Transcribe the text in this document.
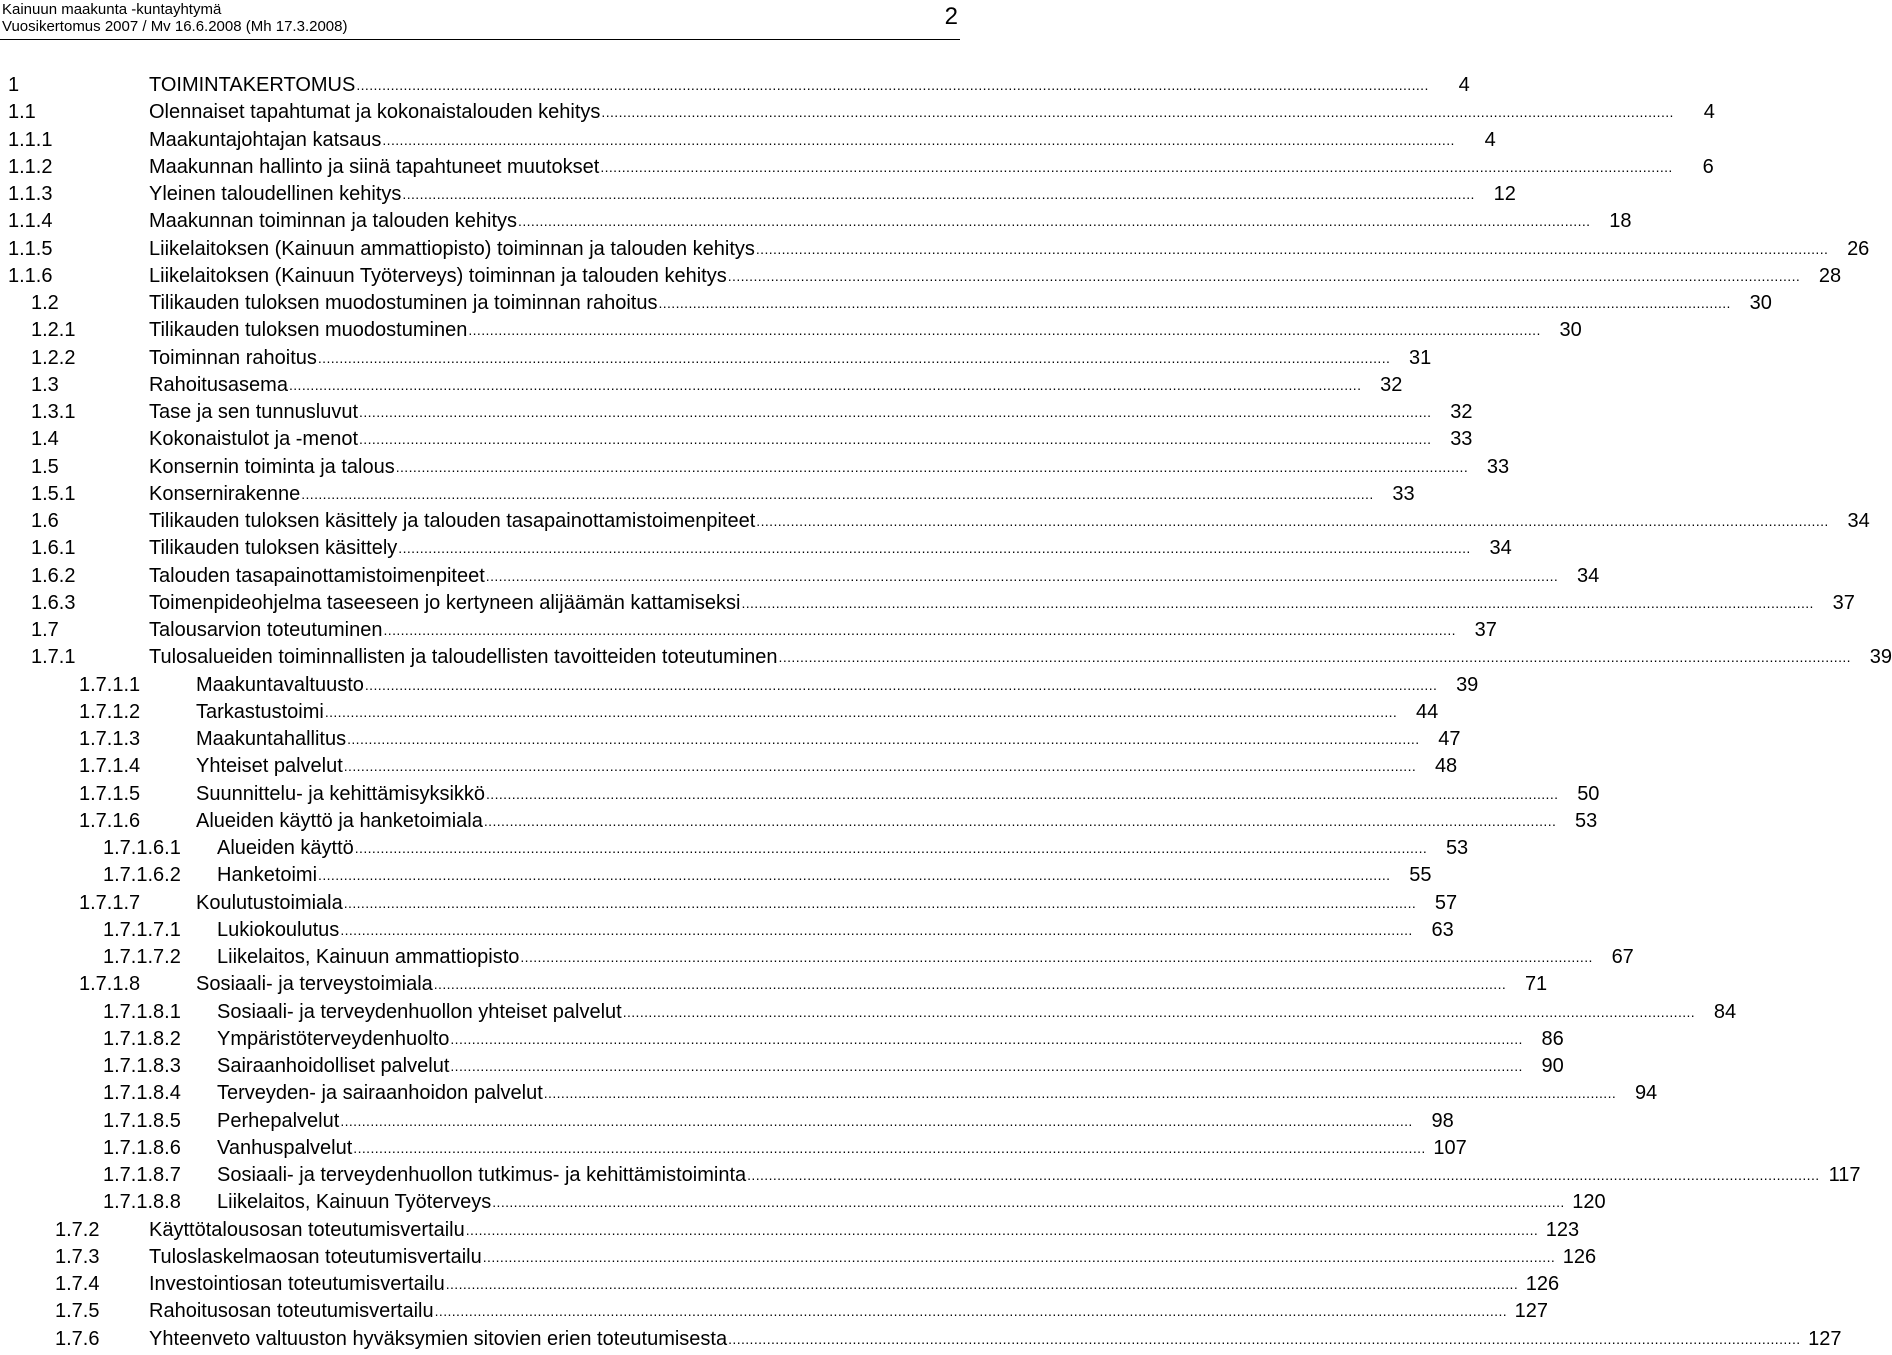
Kainuun maakunta -kuntayhtymä
Vuosikertomus 2007 / Mv 16.6.2008 (Mh 17.3.2008)	2
1	TOIMINTAKERTOMUS .....	4
1.1	Olennaiset tapahtumat ja kokonaistalouden kehitys .....	4
1.1.1	Maakuntajohtajan katsaus .....	4
1.1.2	Maakunnan hallinto ja siinä tapahtuneet muutokset .....	6
1.1.3	Yleinen taloudellinen kehitys .....	12
1.1.4	Maakunnan toiminnan ja talouden kehitys .....	18
1.1.5	Liikelaitoksen (Kainuun ammattiopisto) toiminnan ja talouden kehitys .....	26
1.1.6	Liikelaitoksen (Kainuun Työterveys) toiminnan ja talouden kehitys .....	28
1.2	Tilikauden tuloksen muodostuminen ja toiminnan rahoitus .....	30
1.2.1	Tilikauden tuloksen muodostuminen .....	30
1.2.2	Toiminnan rahoitus .....	31
1.3	Rahoitusasema .....	32
1.3.1	Tase ja sen tunnusluvut .....	32
1.4	Kokonaistulot ja -menot .....	33
1.5	Konsernin toiminta ja talous .....	33
1.5.1	Konsernirakenne .....	33
1.6	Tilikauden tuloksen käsittely ja talouden tasapainottamistoimenpiteet .....	34
1.6.1	Tilikauden tuloksen käsittely .....	34
1.6.2	Talouden tasapainottamistoimenpiteet .....	34
1.6.3	Toimenpideohjelma taseeseen jo kertyneen alijäämän kattamiseksi .....	37
1.7	Talousarvion toteutuminen .....	37
1.7.1	Tulosalueiden toiminnallisten ja taloudellisten tavoitteiden toteutuminen .....	39
1.7.1.1	Maakuntavaltuusto .....	39
1.7.1.2	Tarkastustoimi .....	44
1.7.1.3	Maakuntahallitus .....	47
1.7.1.4	Yhteiset palvelut .....	48
1.7.1.5	Suunnittelu- ja kehittämisyksikkö .....	50
1.7.1.6	Alueiden käyttö ja hanketoimiala .....	53
1.7.1.6.1	Alueiden käyttö .....	53
1.7.1.6.2	Hanketoimi .....	55
1.7.1.7	Koulutustoimiala .....	57
1.7.1.7.1	Lukiokoulutus .....	63
1.7.1.7.2	Liikelaitos, Kainuun ammattiopisto .....	67
1.7.1.8	Sosiaali- ja terveystoimiala .....	71
1.7.1.8.1	Sosiaali- ja terveydenhuollon yhteiset palvelut .....	84
1.7.1.8.2	Ympäristöterveydenhuolto .....	86
1.7.1.8.3	Sairaanhoidolliset palvelut .....	90
1.7.1.8.4	Terveyden- ja sairaanhoidon palvelut .....	94
1.7.1.8.5	Perhepalvelut .....	98
1.7.1.8.6	Vanhuspalvelut .....	107
1.7.1.8.7	Sosiaali- ja terveydenhuollon tutkimus- ja kehittämistoiminta .....	117
1.7.1.8.8	Liikelaitos, Kainuun Työterveys .....	120
1.7.2	Käyttötalousosan toteutumisvertailu .....	123
1.7.3	Tuloslaskelmaosan toteutumisvertailu .....	126
1.7.4	Investointiosan toteutumisvertailu .....	126
1.7.5	Rahoitusosan toteutumisvertailu .....	127
1.7.6	Yhteenveto valtuuston hyväksymien sitovien erien toteutumisesta .....	127
